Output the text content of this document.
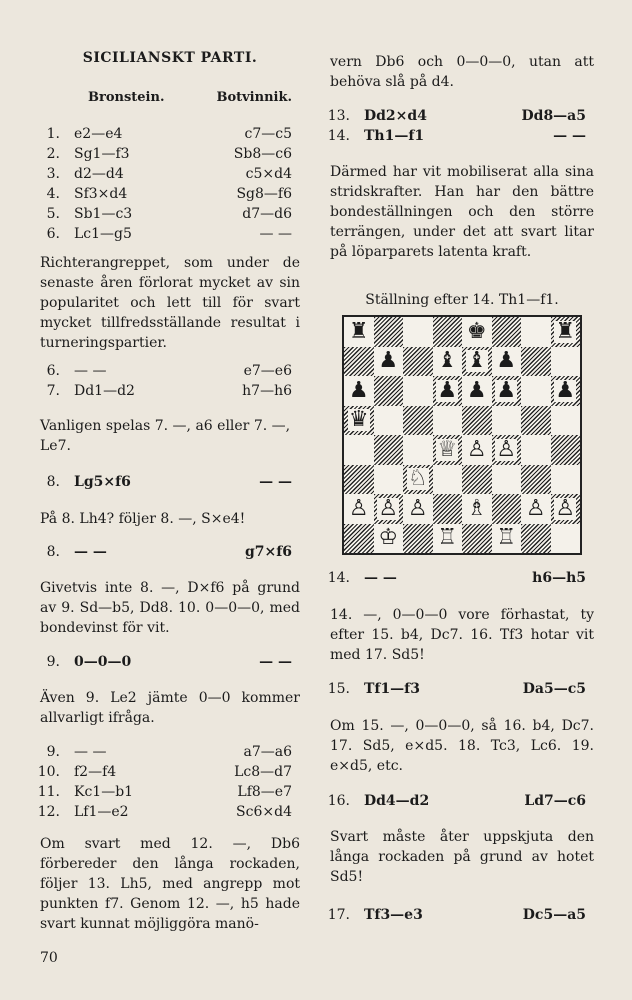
SICILIANSKT PARTI.
Bronstein.	Botvinnik.
1. e2—e4	c7—c5
2. Sg1—f3	Sb8—c6
3. d2—d4	c5×d4
4. Sf3×d4	Sg8—f6
5. Sb1—c3	d7—d6
6. Lc1—g5	— —
Richterangreppet, som under de senaste åren förlorat mycket av sin popularitet och lett till för svart mycket tillfredsställande resultat i turneringspartier.
6. — —	e7—e6
7. Dd1—d2	h7—h6
Vanligen spelas 7. —, a6 eller 7. —, Le7.
8. Lg5×f6	— —
På 8. Lh4? följer 8. —, S×e4!
8. — —	g7×f6
Givetvis inte 8. —, D×f6 på grund av 9. Sd—b5, Dd8. 10. 0—0—0, med bondevinst för vit.
9. 0—0—0	— —
Även 9. Le2 jämte 0—0 kommer allvarligt ifråga.
9. — —	a7—a6
10. f2—f4	Lc8—d7
11. Kc1—b1	Lf8—e7
12. Lf1—e2	Sc6×d4
Om svart med 12. —, Db6 förbereder den långa rockaden, följer 13. Lh5, med angrepp mot punkten f7. Genom 12. —, h5 hade svart kunnat möjliggöra manö-
vern Db6 och 0—0—0, utan att behöva slå på d4.
13. Dd2×d4	Dd8—a5
14. Th1—f1	— —
Därmed har vit mobiliserat alla sina stridskrafter. Han har den bättre bondeställningen och den större terrängen, under det att svart litar på löparparets latenta kraft.
Ställning efter 14. Th1—f1.
♜	♚	♜
♟ ♝ ♝ ♟
♟	♟ ♟ ♟ ♟
♛
♕ ♙ ♙
♘
♙ ♙ ♙ ♗ ♙ ♙
♔ ♖ ♖
14. — —	h6—h5
14. —, 0—0—0 vore förhastat, ty efter 15. b4, Dc7. 16. Tf3 hotar vit med 17. Sd5!
15. Tf1—f3	Da5—c5
Om 15. —, 0—0—0, så 16. b4, Dc7. 17. Sd5, e×d5. 18. Tc3, Lc6. 19. e×d5, etc.
16. Dd4—d2	Ld7—c6
Svart måste åter uppskjuta den långa rockaden på grund av hotet Sd5!
17. Tf3—e3	Dc5—a5
70
